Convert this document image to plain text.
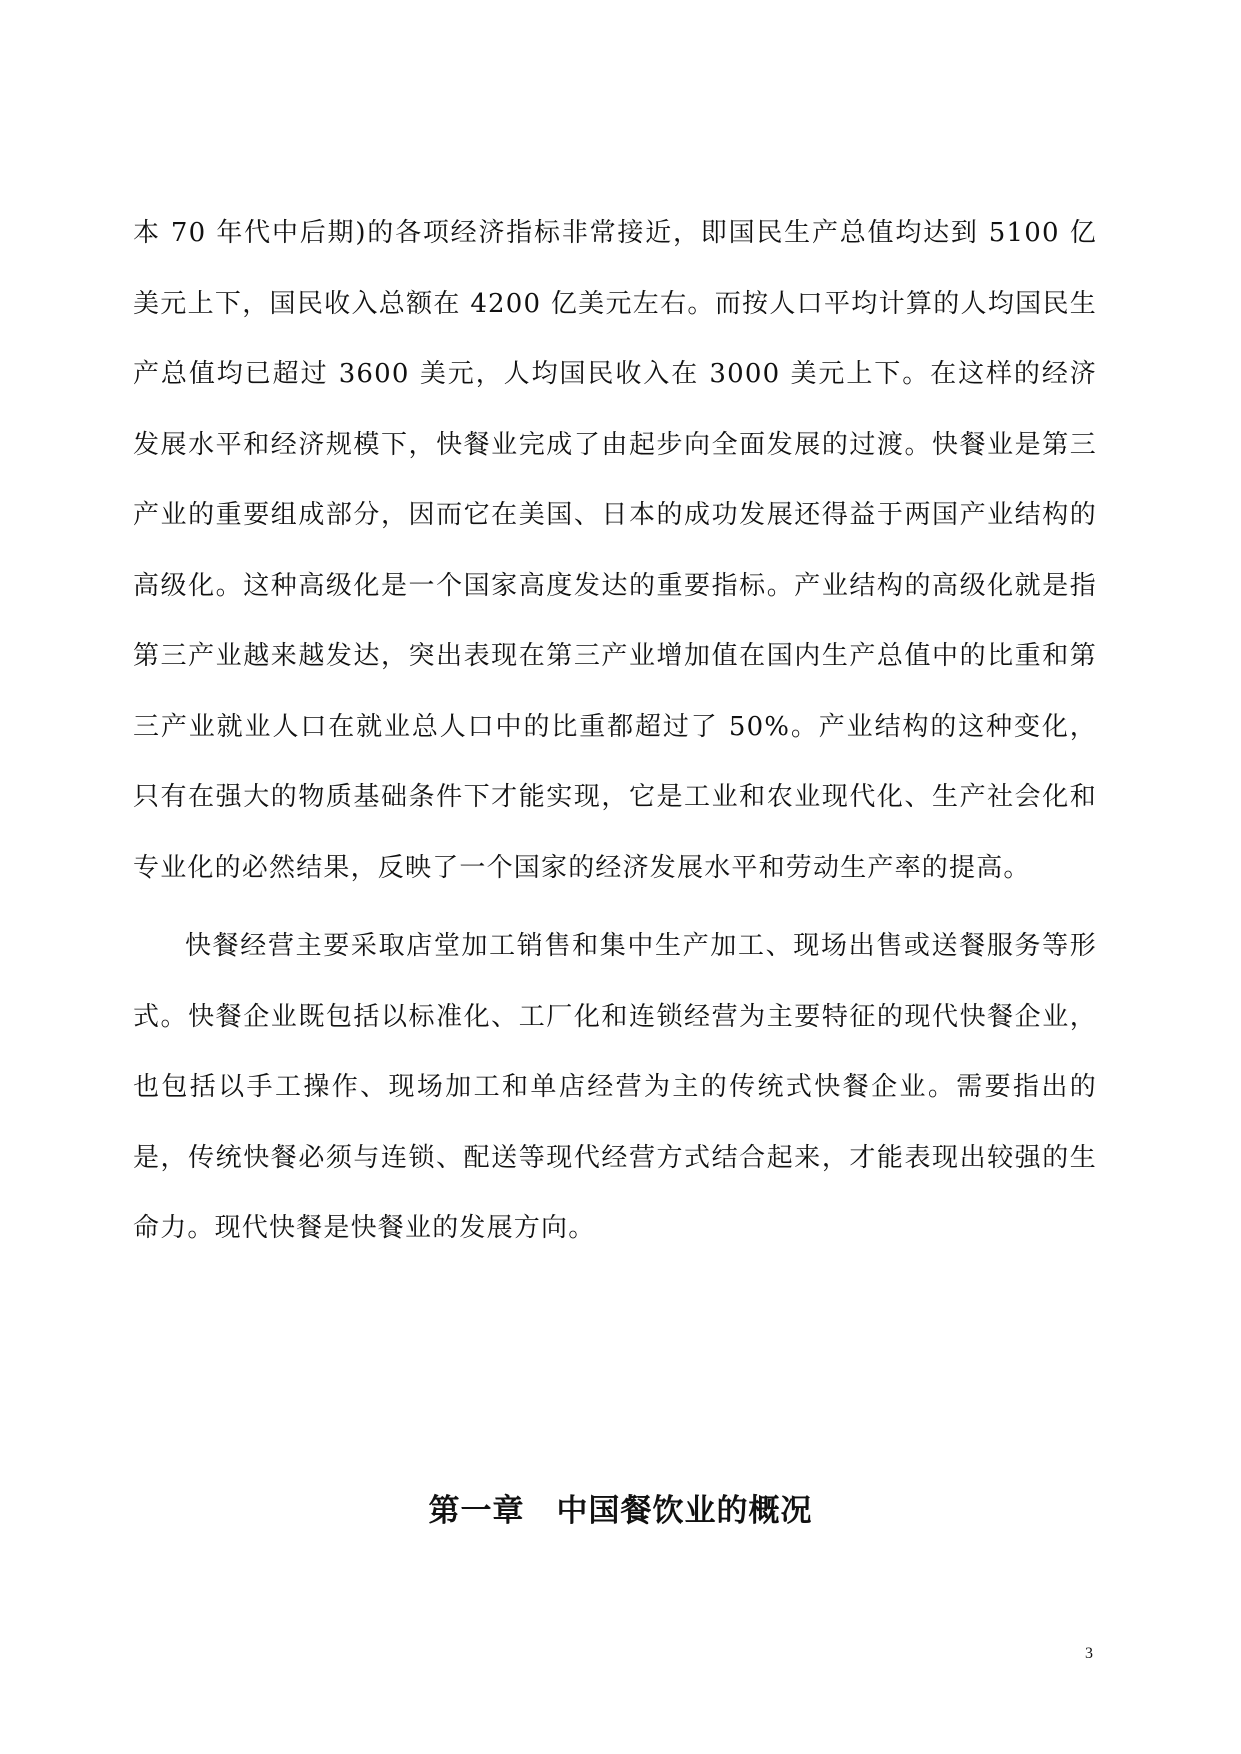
本 70 年代中后期)的各项经济指标非常接近，即国民生产总值均达到 5100 亿美元上下，国民收入总额在 4200 亿美元左右。而按人口平均计算的人均国民生产总值均已超过 3600 美元，人均国民收入在 3000 美元上下。在这样的经济发展水平和经济规模下，快餐业完成了由起步向全面发展的过渡。快餐业是第三产业的重要组成部分，因而它在美国、日本的成功发展还得益于两国产业结构的高级化。这种高级化是一个国家高度发达的重要指标。产业结构的高级化就是指第三产业越来越发达，突出表现在第三产业增加值在国内生产总值中的比重和第三产业就业人口在就业总人口中的比重都超过了 50%。产业结构的这种变化，只有在强大的物质基础条件下才能实现，它是工业和农业现代化、生产社会化和专业化的必然结果，反映了一个国家的经济发展水平和劳动生产率的提高。
快餐经营主要采取店堂加工销售和集中生产加工、现场出售或送餐服务等形式。快餐企业既包括以标准化、工厂化和连锁经营为主要特征的现代快餐企业，也包括以手工操作、现场加工和单店经营为主的传统式快餐企业。需要指出的是，传统快餐必须与连锁、配送等现代经营方式结合起来，才能表现出较强的生命力。现代快餐是快餐业的发展方向。
第一章　中国餐饮业的概况
3
